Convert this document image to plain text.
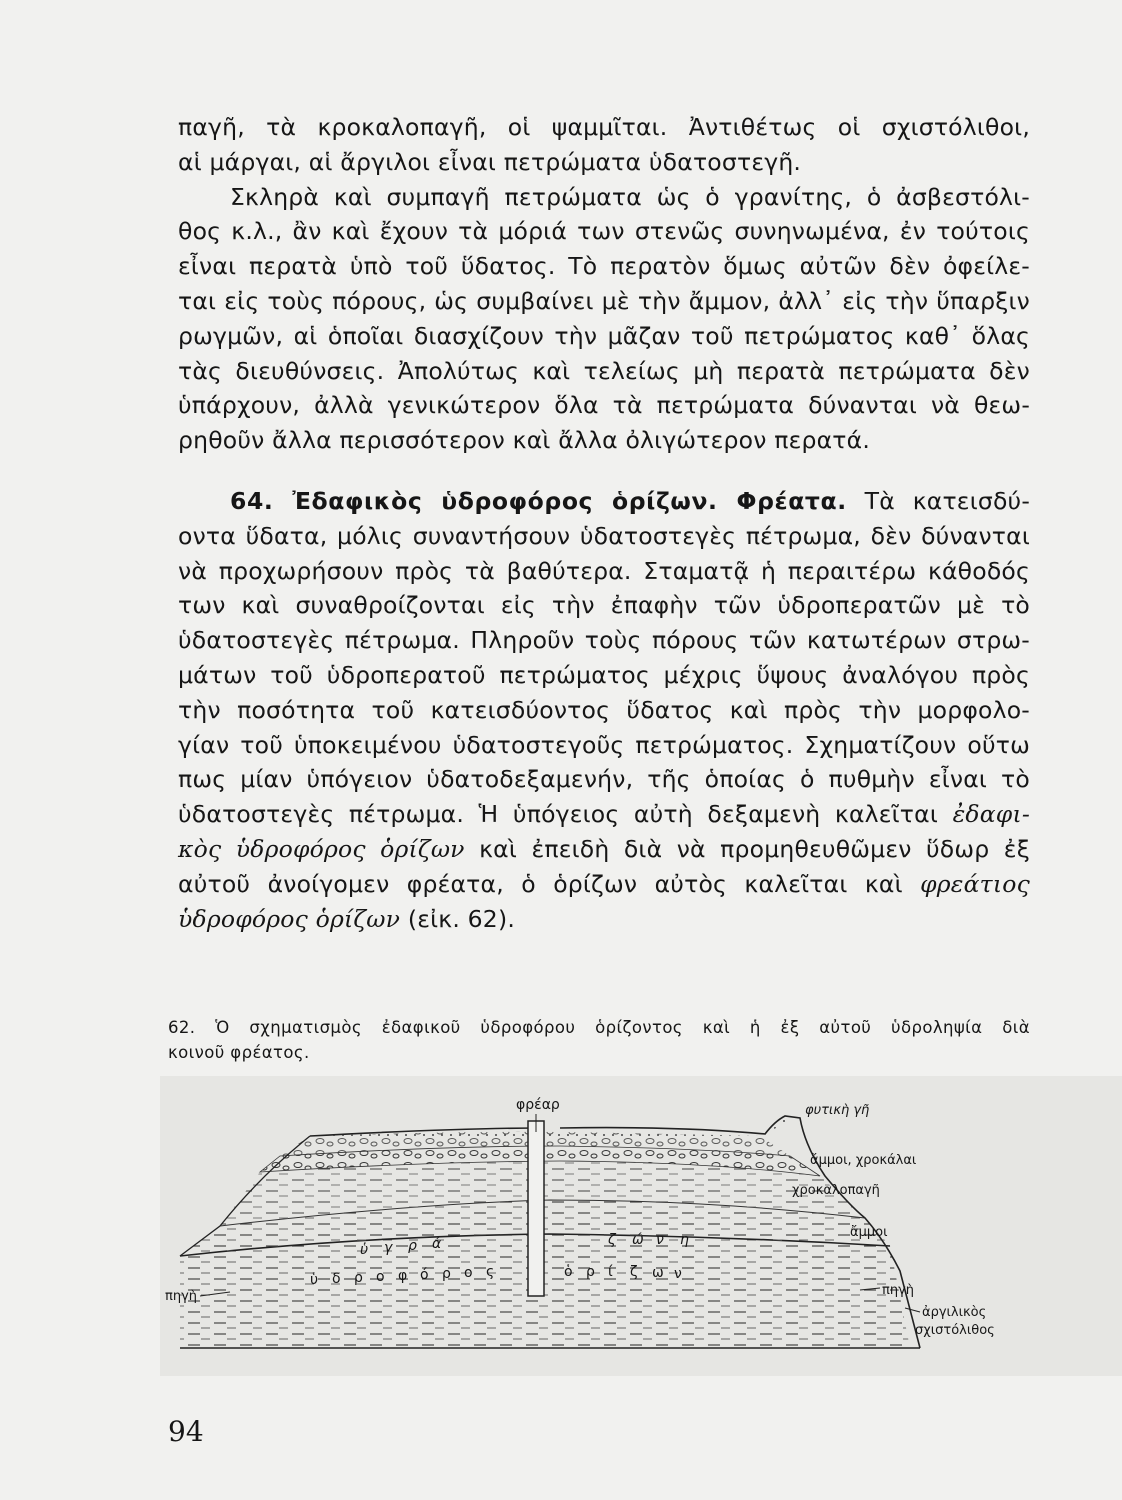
παγῆ, τὰ κροκαλοπαγῆ, οἱ ψαμμῖται. Ἀντιθέτως οἱ σχιστόλιθοι,
αἱ μάργαι, αἱ ἄργιλοι εἶναι πετρώματα ὑδατοστεγῆ.
Σκληρὰ καὶ συμπαγῆ πετρώματα ὡς ὁ γρανίτης, ὁ ἀσβεστόλι-
θος κ.λ., ἂν καὶ ἔχουν τὰ μόριά των στενῶς συνηνωμένα, ἐν τούτοις
εἶναι περατὰ ὑπὸ τοῦ ὕδατος. Τὸ περατὸν ὅμως αὐτῶν δὲν ὀφείλε-
ται εἰς τοὺς πόρους, ὡς συμβαίνει μὲ τὴν ἄμμον, ἀλλ᾽ εἰς τὴν ὕπαρξιν
ρωγμῶν, αἱ ὁποῖαι διασχίζουν τὴν μᾶζαν τοῦ πετρώματος καθ᾽ ὅλας
τὰς διευθύνσεις. Ἀπολύτως καὶ τελείως μὴ περατὰ πετρώματα δὲν
ὑπάρχουν, ἀλλὰ γενικώτερον ὅλα τὰ πετρώματα δύνανται νὰ θεω-
ρηθοῦν ἄλλα περισσότερον καὶ ἄλλα ὀλιγώτερον περατά.
64. Ἐδαφικὸς ὑδροφόρος ὁρίζων. Φρέατα. Τὰ κατεισδύ-
οντα ὕδατα, μόλις συναντήσουν ὑδατοστεγὲς πέτρωμα, δὲν δύνανται
νὰ προχωρήσουν πρὸς τὰ βαθύτερα. Σταματᾷ ἡ περαιτέρω κάθοδός
των καὶ συναθροίζονται εἰς τὴν ἐπαφὴν τῶν ὑδροπερατῶν μὲ τὸ
ὑδατοστεγὲς πέτρωμα. Πληροῦν τοὺς πόρους τῶν κατωτέρων στρω-
μάτων τοῦ ὑδροπερατοῦ πετρώματος μέχρις ὕψους ἀναλόγου πρὸς
τὴν ποσότητα τοῦ κατεισδύοντος ὕδατος καὶ πρὸς τὴν μορφολο-
γίαν τοῦ ὑποκειμένου ὑδατοστεγοῦς πετρώματος. Σχηματίζουν οὕτω
πως μίαν ὑπόγειον ὑδατοδεξαμενήν, τῆς ὁποίας ὁ πυθμὴν εἶναι τὸ
ὑδατοστεγὲς πέτρωμα. Ἡ ὑπόγειος αὐτὴ δεξαμενὴ καλεῖται ἐδαφι-
κὸς ὑδροφόρος ὁρίζων καὶ ἐπειδὴ διὰ νὰ προμηθευθῶμεν ὕδωρ ἐξ
αὐτοῦ ἀνοίγομεν φρέατα, ὁ ὁρίζων αὐτὸς καλεῖται καὶ φρεάτιος
ὑδροφόρος ὁρίζων (εἰκ. 62).
62. Ὁ σχηματισμὸς ἐδαφικοῦ ὑδροφόρου ὁρίζοντος καὶ ἡ ἐξ αὐτοῦ ὑδροληψία διὰ
κοινοῦ φρέατος.
φρέαρ	φυτικὴ γῆ
ἄμμοι, χροκάλαι
χροκαλοπαγῆ
ἄμμοι
πηγὴ	πηγὴ
ἀργιλικὸς
σχιστόλιθος
ὑ γ ρ ά	ζ ώ ν η
ὑ δ ρ ο φ ό ρ ο ς	ὁ ρ ί ζ ω ν
94
